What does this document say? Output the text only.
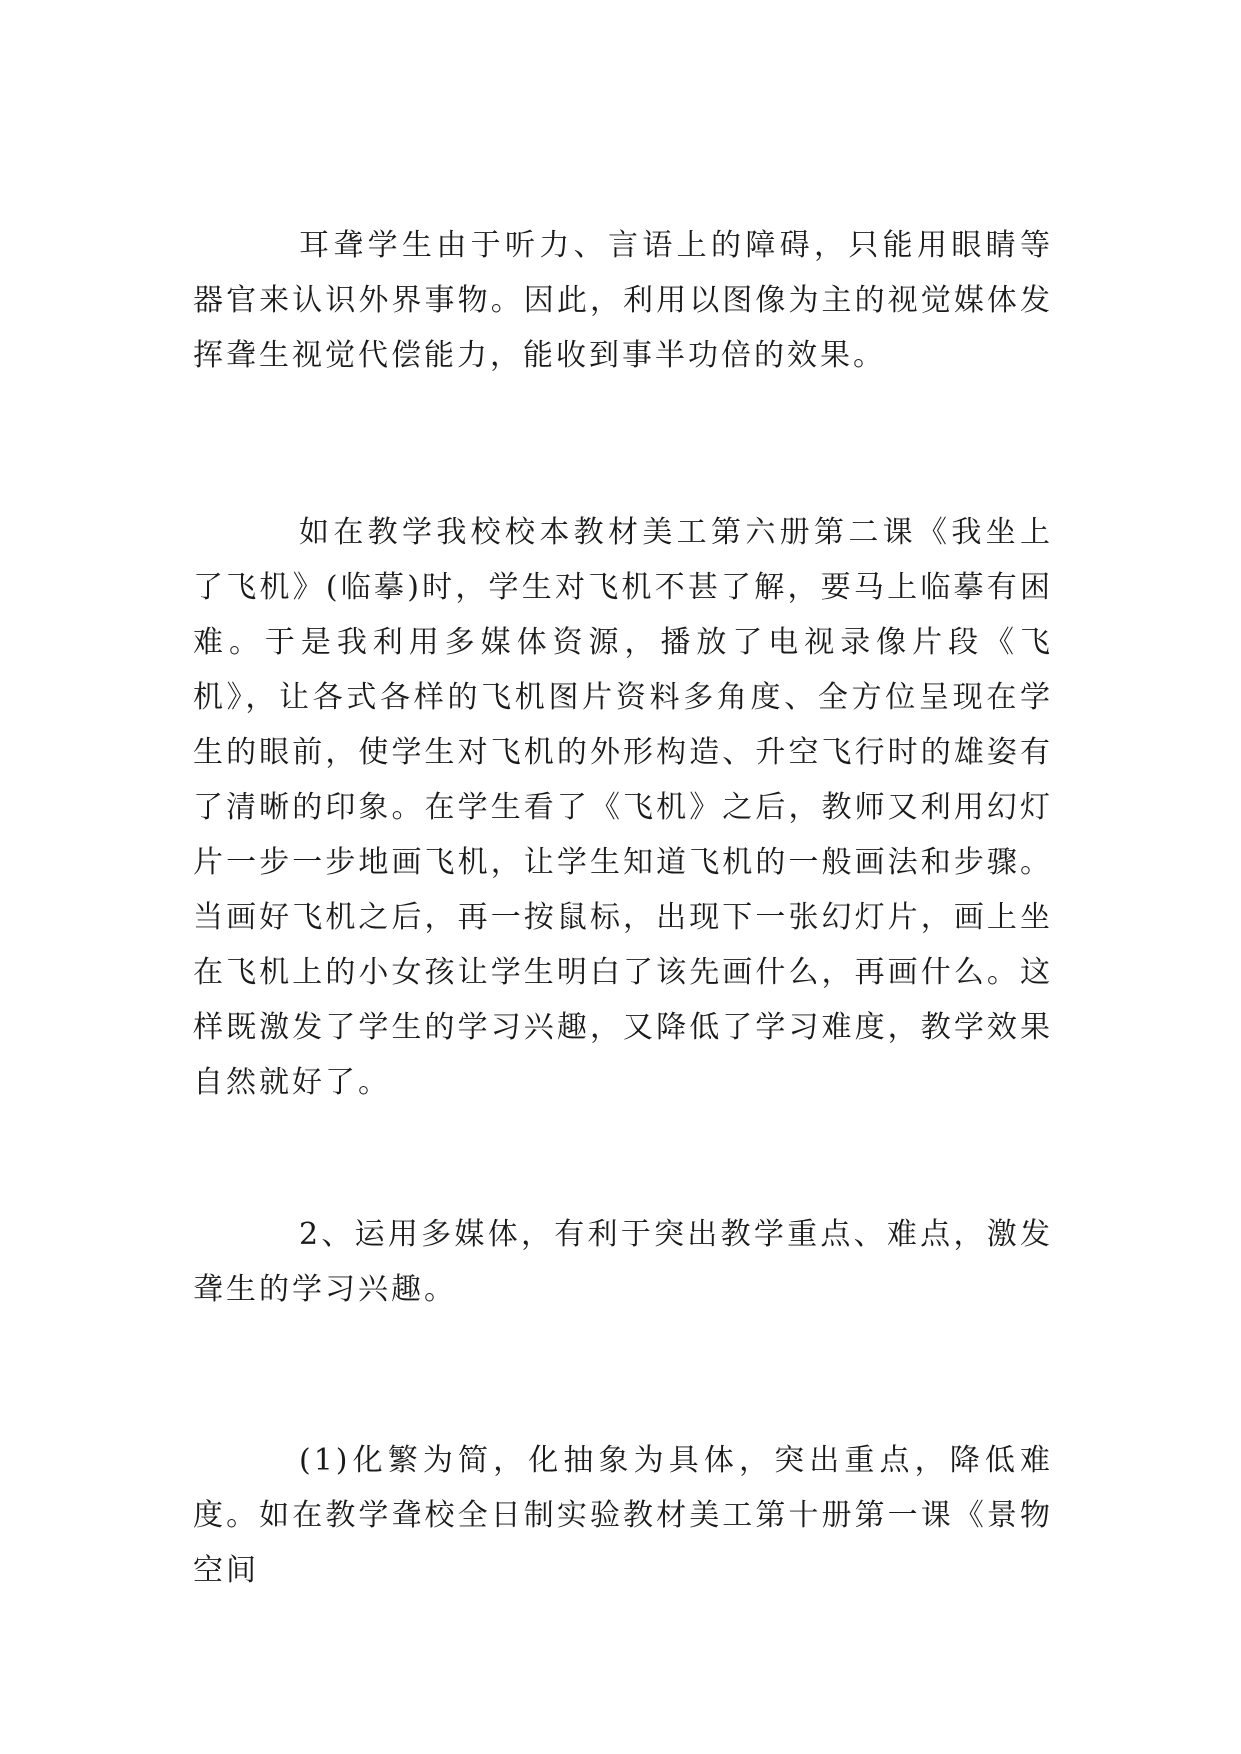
耳聋学生由于听力、言语上的障碍，只能用眼睛等器官来认识外界事物。因此，利用以图像为主的视觉媒体发挥聋生视觉代偿能力，能收到事半功倍的效果。

如在教学我校校本教材美工第六册第二课《我坐上了飞机》(临摹)时，学生对飞机不甚了解，要马上临摹有困难。于是我利用多媒体资源，播放了电视录像片段《飞机》，让各式各样的飞机图片资料多角度、全方位呈现在学生的眼前，使学生对飞机的外形构造、升空飞行时的雄姿有了清晰的印象。在学生看了《飞机》之后，教师又利用幻灯片一步一步地画飞机，让学生知道飞机的一般画法和步骤。当画好飞机之后，再一按鼠标，出现下一张幻灯片，画上坐在飞机上的小女孩让学生明白了该先画什么，再画什么。这样既激发了学生的学习兴趣，又降低了学习难度，教学效果自然就好了。

2、运用多媒体，有利于突出教学重点、难点，激发聋生的学习兴趣。

(1)化繁为简，化抽象为具体，突出重点，降低难度。如在教学聋校全日制实验教材美工第十册第一课《景物空间
